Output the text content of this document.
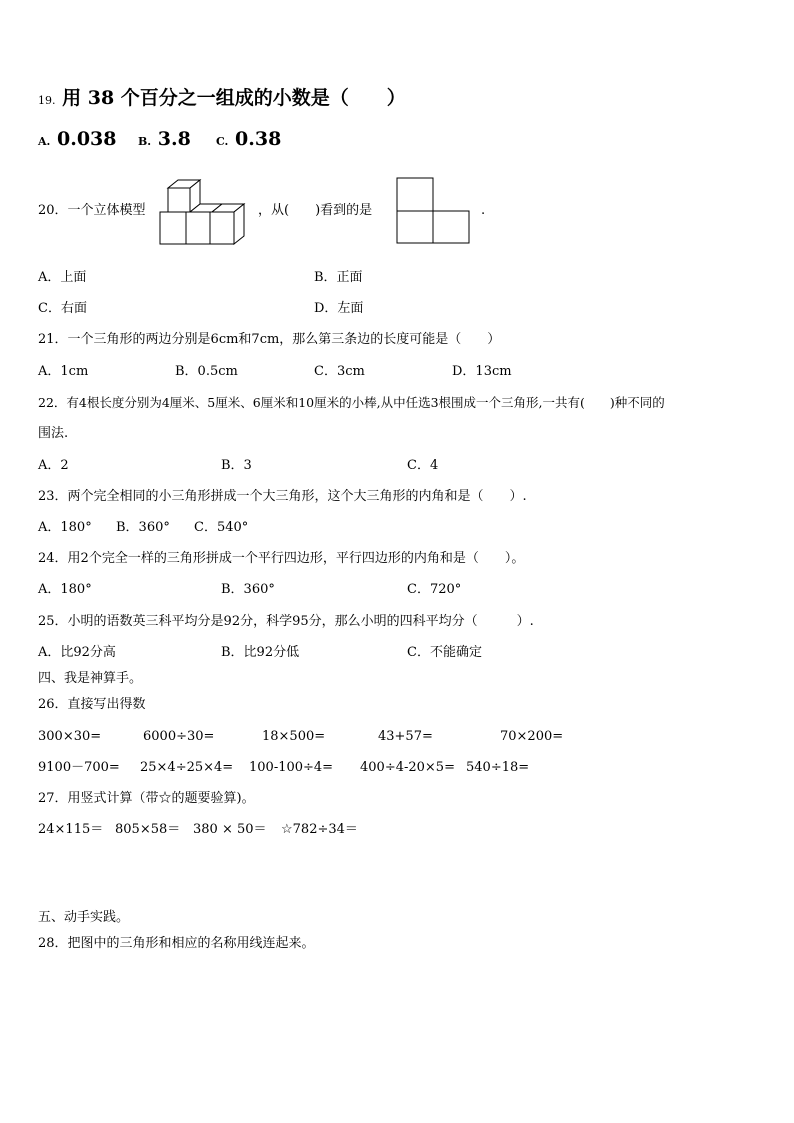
19. 用 38 个百分之一组成的小数是（　　）
A. 0.038 B. 3.8 C. 0.38
20．一个立体模型	，从(　　)看到的是	.
A．上面	B．正面
C．右面	D．左面
21．一个三角形的两边分别是6cm和7cm，那么第三条边的长度可能是（　　）
A．1cm	B．0.5cm	C．3cm	D．13cm
22．有4根长度分别为4厘米、5厘米、6厘米和10厘米的小棒,从中任选3根围成一个三角形,一共有(　　)种不同的
围法.
A．2	B．3	C．4
23．两个完全相同的小三角形拼成一个大三角形，这个大三角形的内角和是（　　）.
A．180° B．360° C．540°
24．用2个完全一样的三角形拼成一个平行四边形，平行四边形的内角和是（　　）。
A．180°	B．360°	C．720°
25．小明的语数英三科平均分是92分，科学95分，那么小明的四科平均分（　　　）.
A．比92分高	B．比92分低	C．不能确定
四、我是神算手。
26．直接写出得数
300×30=	6000÷30=	18×500=	43+57=	70×200=
9100－700= 25×4÷25×4= 100-100÷4= 400÷4-20×5= 540÷18=
27．用竖式计算（带☆的题要验算)。
24×115＝ 805×58＝ 380 × 50＝ ☆782÷34＝
五、动手实践。
28．把图中的三角形和相应的名称用线连起来。
